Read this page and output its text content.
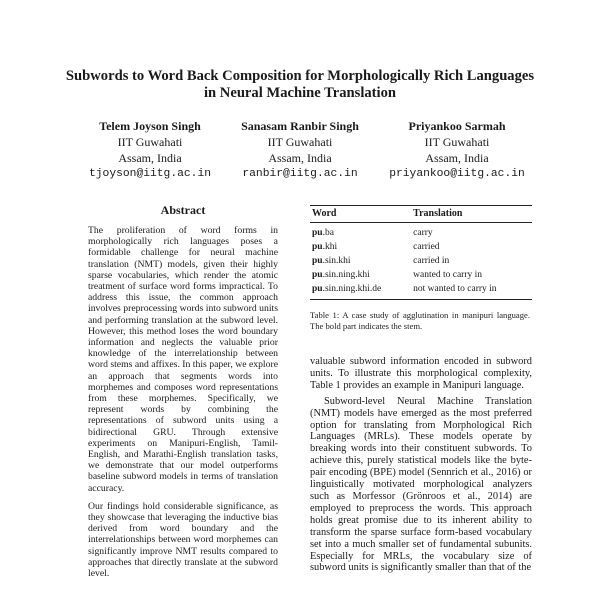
Subwords to Word Back Composition for Morphologically Rich Languages
in Neural Machine Translation
Telem Joyson Singh
IIT Guwahati
Assam, India
tjoyson@iitg.ac.in
Sanasam Ranbir Singh
IIT Guwahati
Assam, India
ranbir@iitg.ac.in
Priyankoo Sarmah
IIT Guwahati
Assam, India
priyankoo@iitg.ac.in
Abstract

The proliferation of word forms in morphologically rich languages poses a formidable challenge for neural machine translation (NMT) models, given their highly sparse vocabularies, which render the atomic treatment of surface word forms impractical. To address this issue, the common approach involves preprocessing words into subword units and performing translation at the subword level. However, this method loses the word boundary information and neglects the valuable prior knowledge of the interrelationship between word stems and affixes. In this paper, we explore an approach that segments words into morphemes and composes word representations from these morphemes. Specifically, we represent words by combining the representations of subword units using a bidirectional GRU. Through extensive experiments on Manipuri-English, Tamil-English, and Marathi-English translation tasks, we demonstrate that our model outperforms baseline subword models in terms of translation accuracy.

Our findings hold considerable significance, as they showcase that leveraging the inductive bias derived from word boundary and the interrelationships between word morphemes can significantly improve NMT results compared to approaches that directly translate at the subword level.

Word	Translation
pu.ba	carry
pu.khi	carried
pu.sin.khi	carried in
pu.sin.ning.khi	wanted to carry in
pu.sin.ning.khi.de	not wanted to carry in
Table 1: A case study of agglutination in manipuri language. The bold part indicates the stem.

valuable subword information encoded in subword units. To illustrate this morphological complexity, Table 1 provides an example in Manipuri language.

Subword-level Neural Machine Translation (NMT) models have emerged as the most preferred option for translating from Morphological Rich Languages (MRLs). These models operate by breaking words into their constituent subwords. To achieve this, purely statistical models like the byte-pair encoding (BPE) model (Sennrich et al., 2016) or linguistically motivated morphological analyzers such as Morfessor (Grönroos et al., 2014) are employed to preprocess the words. This approach holds great promise due to its inherent ability to transform the sparse surface form-based vocabulary set into a much smaller set of fundamental subunits. Especially for MRLs, the vocabulary size of subword units is significantly smaller than that of the
